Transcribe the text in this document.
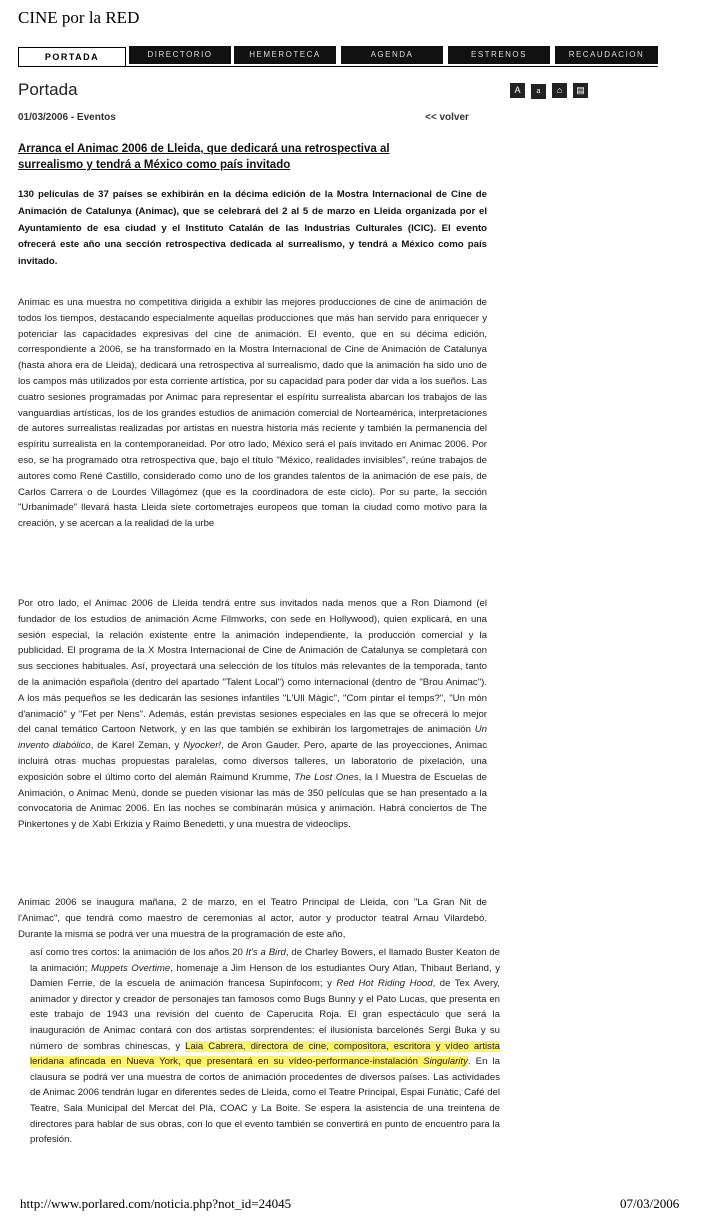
CINE por la RED
PORTADA	DIRECTORIO	HEMEROTECA	AGENDA	ESTRENOS	RECAUDACION
Portada	A a ⌂ ▤
01/03/2006 - Eventos	<< volver
Arranca el Animac 2006 de Lleida, que dedicará una retrospectiva al surrealismo y tendrá a México como país invitado
130 películas de 37 países se exhibirán en la décima edición de la Mostra Internacional de Cine de Animación de Catalunya (Animac), que se celebrará del 2 al 5 de marzo en Lleida organizada por el Ayuntamiento de esa ciudad y el Instituto Catalán de las Industrias Culturales (ICIC). El evento ofrecerá este año una sección retrospectiva dedicada al surrealismo, y tendrá a México como país invitado.
Animac es una muestra no competitiva dirigida a exhibir las mejores producciones de cine de animación de todos los tiempos, destacando especialmente aquellas producciones que más han servido para enriquecer y potenciar las capacidades expresivas del cine de animación. El evento, que en su décima edición, correspondiente a 2006, se ha transformado en la Mostra Internacional de Cine de Animación de Catalunya (hasta ahora era de Lleida), dedicará una retrospectiva al surrealismo, dado que la animación ha sido uno de los campos más utilizados por esta corriente artística, por su capacidad para poder dar vida a los sueños. Las cuatro sesiones programadas por Animac para representar el espíritu surrealista abarcan los trabajos de las vanguardias artísticas, los de los grandes estudios de animación comercial de Norteamérica, interpretaciones de autores surrealistas realizadas por artistas en nuestra historia más reciente y también la permanencia del espíritu surrealista en la contemporaneidad. Por otro lado, México será el país invitado en Animac 2006. Por eso, se ha programado otra retrospectiva que, bajo el título "México, realidades invisibles", reúne trabajos de autores como René Castillo, considerado como uno de los grandes talentos de la animación de ese país, de Carlos Carrera o de Lourdes Villagómez (que es la coordinadora de este ciclo). Por su parte, la sección "Urbanimade" llevará hasta Lleida siete cortometrajes europeos que toman la ciudad como motivo para la creación, y se acercan a la realidad de la urbe
Por otro lado, el Animac 2006 de Lleida tendrá entre sus invitados nada menos que a Ron Diamond (el fundador de los estudios de animación Acme Filmworks, con sede en Hollywood), quien explicará, en una sesión especial, la relación existente entre la animación independiente, la producción comercial y la publicidad. El programa de la X Mostra Internacional de Cine de Animación de Catalunya se completará con sus secciones habituales. Así, proyectará una selección de los títulos más relevantes de la temporada, tanto de la animación española (dentro del apartado "Talent Local") como internacional (dentro de "Brou Animac"). A los más pequeños se les dedicarán las sesiones infantiles "L'Ull Màgic", "Com pintar el temps?", "Un món d'animació" y "Fet per Nens". Además, están previstas sesiones especiales en las que se ofrecerá lo mejor del canal temático Cartoon Network, y en las que también se exhibirán los largometrajes de animación Un invento diabólico, de Karel Zeman, y Nyocker!, de Aron Gauder. Pero, aparte de las proyecciones, Animac incluirá otras muchas propuestas paralelas, como diversos talleres, un laboratorio de pixelación, una exposición sobre el último corto del alemán Raimund Krumme, The Lost Ones, la I Muestra de Escuelas de Animación, o Animac Menú, donde se pueden visionar las más de 350 películas que se han presentado a la convocatoria de Animac 2006. En las noches se combinarán música y animación. Habrá conciertos de The Pinkertones y de Xabi Erkizia y Raimo Benedetti, y una muestra de videoclips.
Animac 2006 se inaugura mañana, 2 de marzo, en el Teatro Principal de Lleida, con "La Gran Nit de l'Animac", que tendrá como maestro de ceremonias al actor, autor y productor teatral Arnau Vilardebó. Durante la misma se podrá ver una muestra de la programación de este año,
así como tres cortos: la animación de los años 20 It's a Bird, de Charley Bowers, el llamado Buster Keaton de la animación; Muppets Overtime, homenaje a Jim Henson de los estudiantes Oury Atlan, Thibaut Berland, y Damien Ferrie, de la escuela de animación francesa Supinfocom; y Red Hot Riding Hood, de Tex Avery, animador y director y creador de personajes tan famosos como Bugs Bunny y el Pato Lucas, que presenta en este trabajo de 1943 una revisión del cuento de Caperucita Roja. El gran espectáculo que será la inauguración de Animac contará con dos artistas sorprendentes: el ilusionista barcelonés Sergi Buka y su número de sombras chinescas, y Laia Cabrera, directora de cine, compositora, escritora y vídeo artista leridana afincada en Nueva York, que presentará en su vídeo-performance-instalación Singularity. En la clausura se podrá ver una muestra de cortos de animación procedentes de diversos países. Las actividades de Animac 2006 tendrán lugar en diferentes sedes de Lleida, como el Teatre Principal, Espai Funàtic, Café del Teatre, Sala Municipal del Mercat del Plà, COAC y La Boite. Se espera la asistencia de una treintena de directores para hablar de sus obras, con lo que el evento también se convertirá en punto de encuentro para la profesión.
http://www.porlared.com/noticia.php?not_id=24045	07/03/2006
